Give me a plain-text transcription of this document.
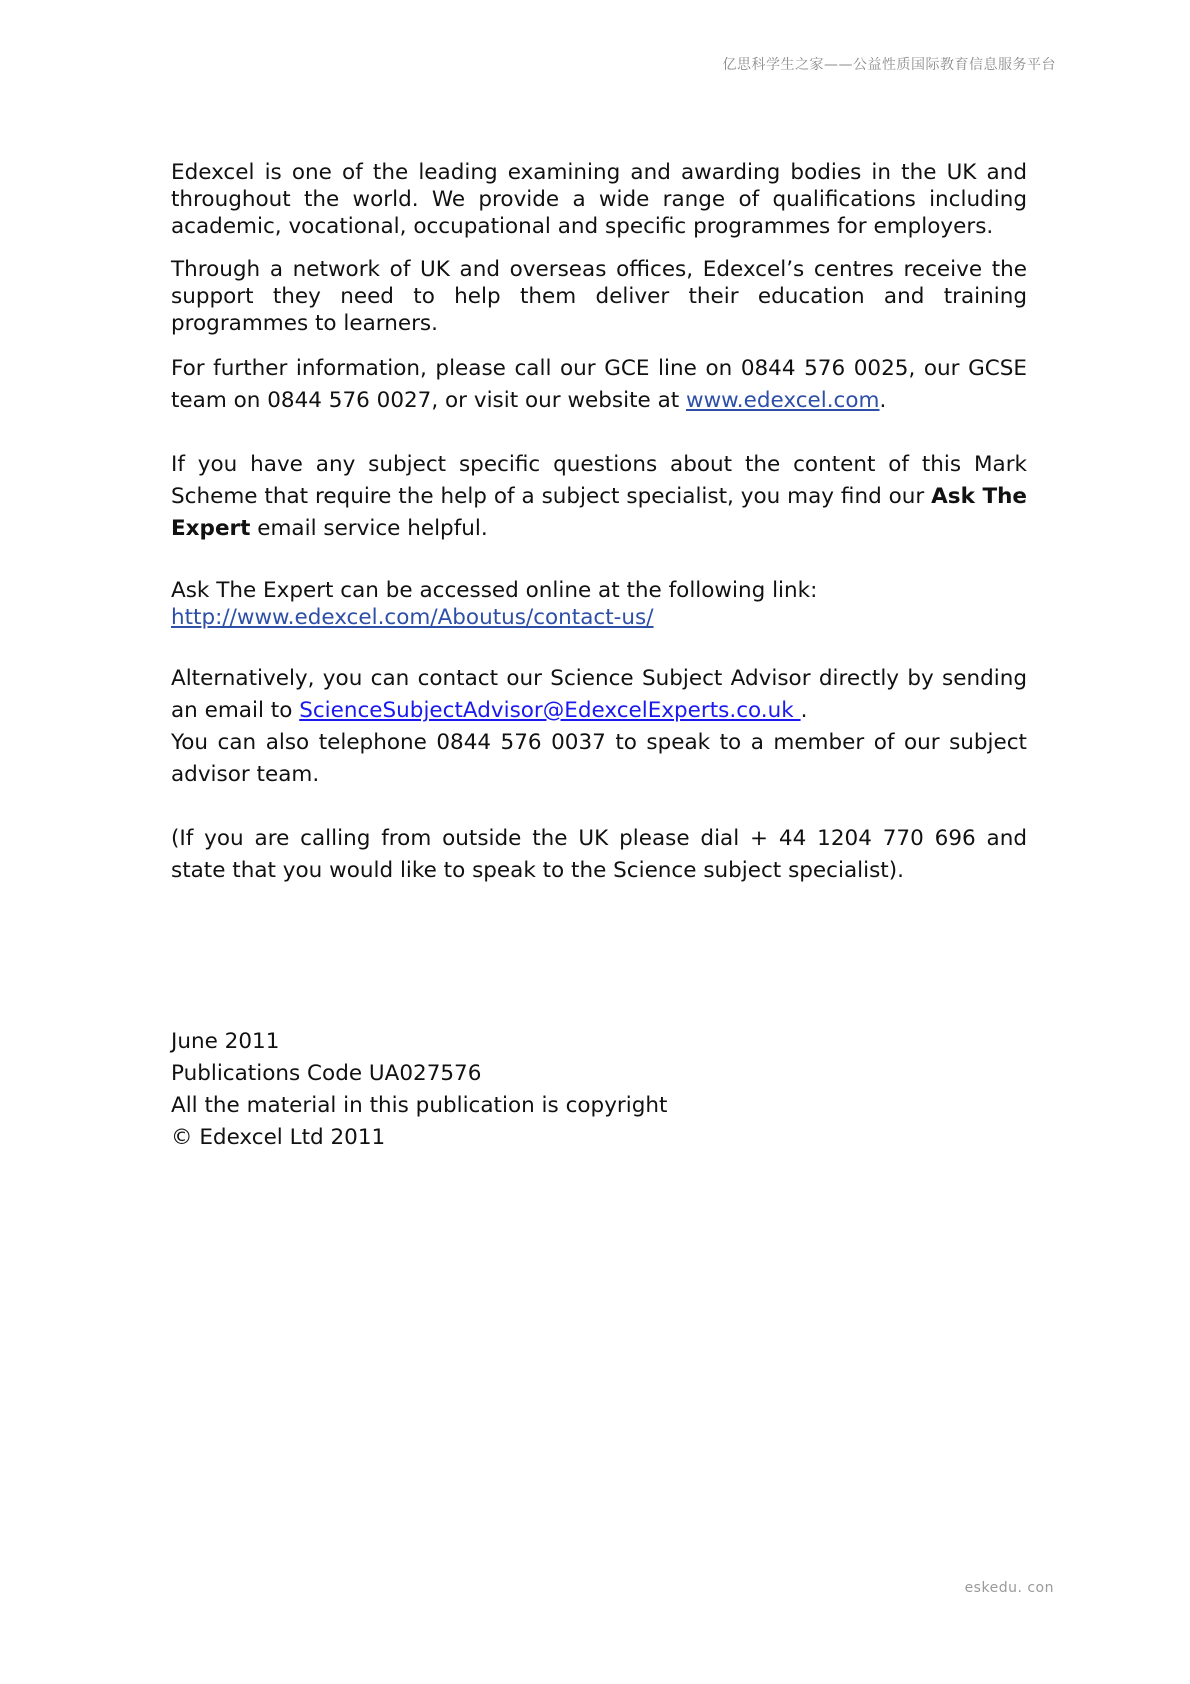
亿思科学生之家——公益性质国际教育信息服务平台

Edexcel is one of the leading examining and awarding bodies in the UK and throughout the world. We provide a wide range of qualifications including academic, vocational, occupational and specific programmes for employers.

Through a network of UK and overseas offices, Edexcel’s centres receive the support they need to help them deliver their education and training programmes to learners.

For further information, please call our GCE line on 0844 576 0025, our GCSE team on 0844 576 0027, or visit our website at www.edexcel.com.

If you have any subject specific questions about the content of this Mark Scheme that require the help of a subject specialist, you may find our Ask The Expert email service helpful.

Ask The Expert can be accessed online at the following link:
http://www.edexcel.com/Aboutus/contact-us/

Alternatively, you can contact our Science Subject Advisor directly by sending an email to ScienceSubjectAdvisor@EdexcelExperts.co.uk .

You can also telephone 0844 576 0037 to speak to a member of our subject advisor team.

(If you are calling from outside the UK please dial + 44 1204 770 696 and state that you would like to speak to the Science subject specialist).

June 2011
Publications Code UA027576
All the material in this publication is copyright
© Edexcel Ltd 2011
eskedu. con
